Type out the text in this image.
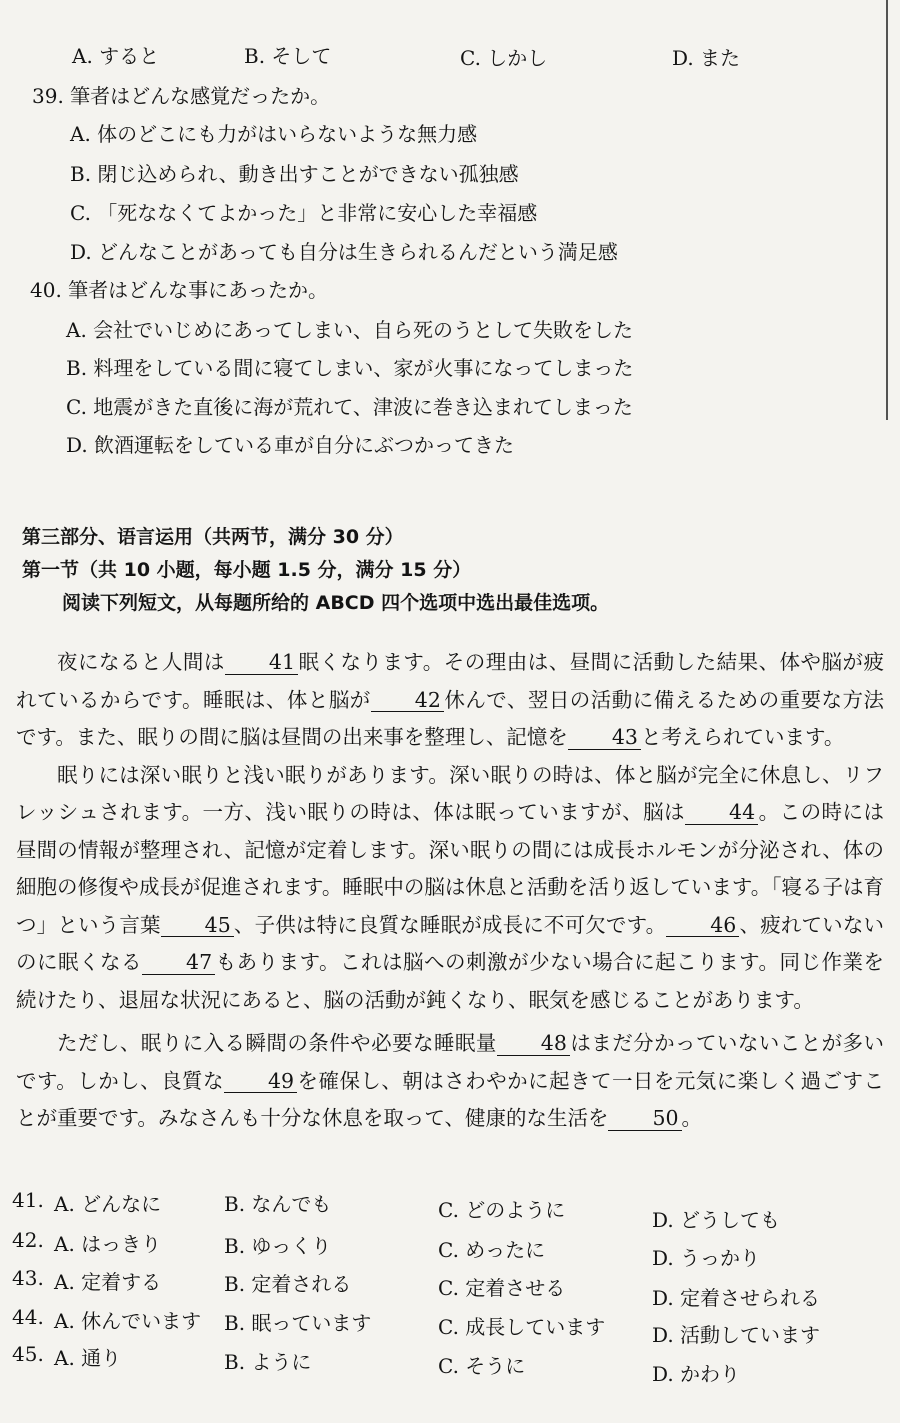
A. すると	B. そして	C. しかし	D. また
39. 筆者はどんな感覚だったか。
A. 体のどこにも力がはいらないような無力感
B. 閉じ込められ、動き出すことができない孤独感
C. 「死ななくてよかった」と非常に安心した幸福感
D. どんなことがあっても自分は生きられるんだという満足感
40. 筆者はどんな事にあったか。
A. 会社でいじめにあってしまい、自ら死のうとして失敗をした
B. 料理をしている間に寝てしまい、家が火事になってしまった
C. 地震がきた直後に海が荒れて、津波に巻き込まれてしまった
D. 飲酒運転をしている車が自分にぶつかってきた
第三部分、语言运用（共两节，满分 30 分）
第一节（共 10 小题，每小题 1.5 分，满分 15 分）
阅读下列短文，从每题所给的 ABCD 四个选项中选出最佳选项。

夜になると人間は 41 眠くなります。その理由は、昼間に活動した結果、体や脳が疲れているからです。睡眠は、体と脳が 42 休んで、翌日の活動に備えるための重要な方法です。また、眠りの間に脳は昼間の出来事を整理し、記憶を 43 と考えられています。

眠りには深い眠りと浅い眠りがあります。深い眠りの時は、体と脳が完全に休息し、リフレッシュされます。一方、浅い眠りの時は、体は眠っていますが、脳は 44 。この時には昼間の情報が整理され、記憶が定着します。深い眠りの間には成長ホルモンが分泌され、体の細胞の修復や成長が促進されます。睡眠中の脳は休息と活動を活り返しています。「寝る子は育つ」という言葉 45 、子供は特に良質な睡眠が成長に不可欠です。 46 、疲れていないのに眠くなる 47 もあります。これは脳への刺激が少ない場合に起こります。同じ作業を続けたり、退屈な状況にあると、脳の活動が鈍くなり、眠気を感じることがあります。

ただし、眠りに入る瞬間の条件や必要な睡眠量 48 はまだ分かっていないことが多いです。しかし、良質な 49 を確保し、朝はさわやかに起きて一日を元気に楽しく過ごすことが重要です。みなさんも十分な休息を取って、健康的な生活を 50 。

41. A. どんなに	B. なんでも	C. どのように	D. どうしても
42. A. はっきり	B. ゆっくり	C. めったに	D. うっかり
43. A. 定着する	B. 定着される	C. 定着させる	D. 定着させられる
44. A. 休んでいます B. 眠っています	C. 成長しています D. 活動しています
45. A. 通り	B. ように	C. そうに	D. かわり
